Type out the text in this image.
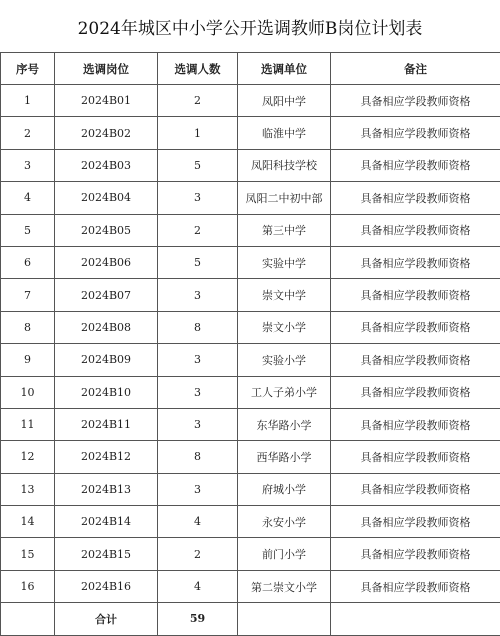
2024年城区中小学公开选调教师B岗位计划表
序号	选调岗位	选调人数	选调单位	备注
1	2024B01	2	凤阳中学	具备相应学段教师资格
2	2024B02	1	临淮中学	具备相应学段教师资格
3	2024B03	5	凤阳科技学校	具备相应学段教师资格
4	2024B04	3	凤阳二中初中部	具备相应学段教师资格
5	2024B05	2	第三中学	具备相应学段教师资格
6	2024B06	5	实验中学	具备相应学段教师资格
7	2024B07	3	崇文中学	具备相应学段教师资格
8	2024B08	8	崇文小学	具备相应学段教师资格
9	2024B09	3	实验小学	具备相应学段教师资格
10	2024B10	3	工人子弟小学	具备相应学段教师资格
11	2024B11	3	东华路小学	具备相应学段教师资格
12	2024B12	8	西华路小学	具备相应学段教师资格
13	2024B13	3	府城小学	具备相应学段教师资格
14	2024B14	4	永安小学	具备相应学段教师资格
15	2024B15	2	前门小学	具备相应学段教师资格
16	2024B16	4	第二崇文小学	具备相应学段教师资格
	合计	59		
